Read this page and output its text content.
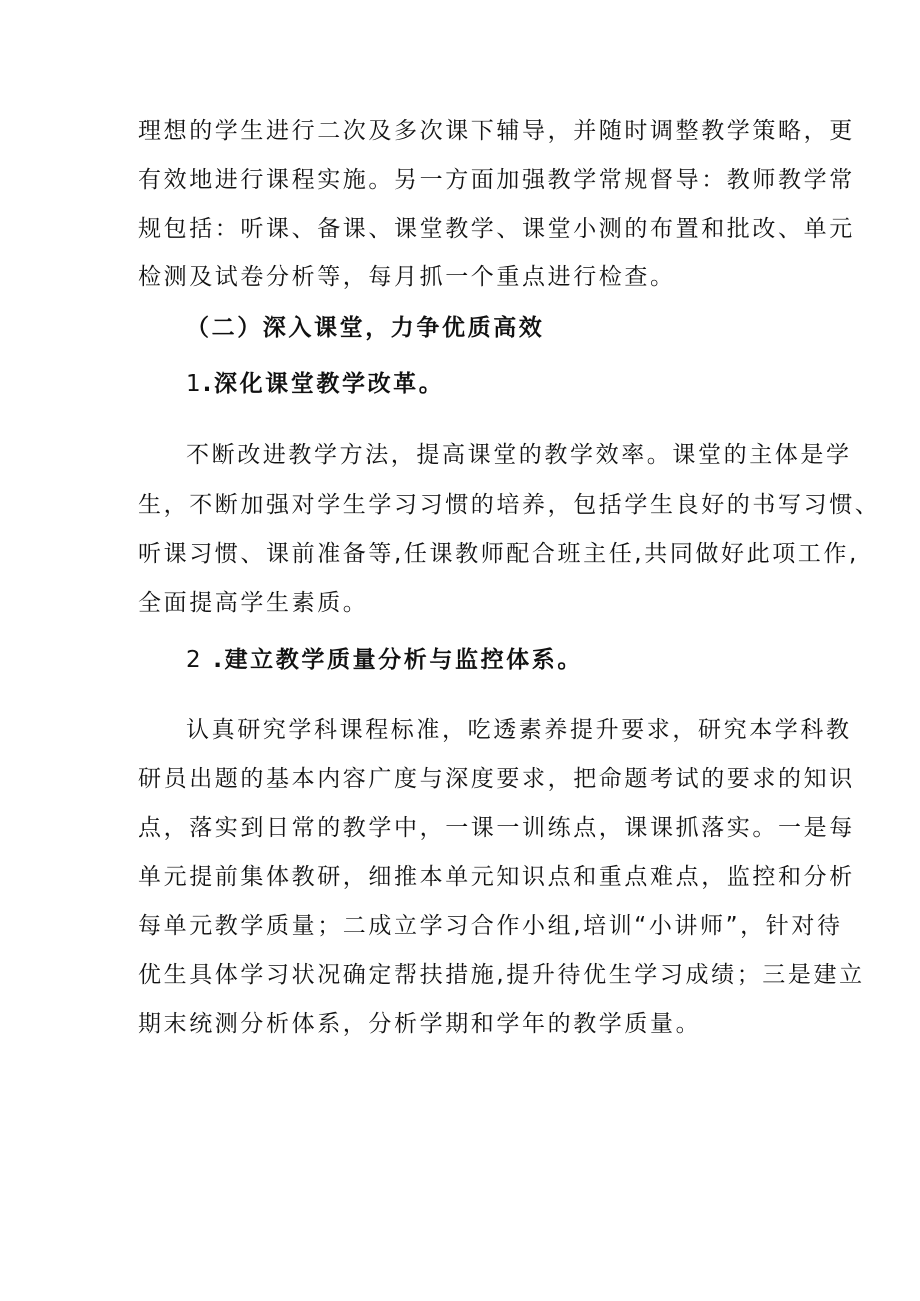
理想的学生进行二次及多次课下辅导，并随时调整教学策略，更
有效地进行课程实施。另一方面加强教学常规督导：教师教学常
规包括：听课、备课、课堂教学、课堂小测的布置和批改、单元
检测及试卷分析等，每月抓一个重点进行检查。
（二）深入课堂，力争优质高效
1.深化课堂教学改革。
不断改进教学方法，提高课堂的教学效率。课堂的主体是学
生，不断加强对学生学习习惯的培养，包括学生良好的书写习惯、
听课习惯、课前准备等,任课教师配合班主任,共同做好此项工作,
全面提高学生素质。
2 .建立教学质量分析与监控体系。
认真研究学科课程标准，吃透素养提升要求，研究本学科教
研员出题的基本内容广度与深度要求，把命题考试的要求的知识
点，落实到日常的教学中，一课一训练点，课课抓落实。一是每
单元提前集体教研，细推本单元知识点和重点难点，监控和分析
每单元教学质量；二成立学习合作小组,培训“小讲师”，针对待
优生具体学习状况确定帮扶措施,提升待优生学习成绩；三是建立
期末统测分析体系，分析学期和学年的教学质量。
